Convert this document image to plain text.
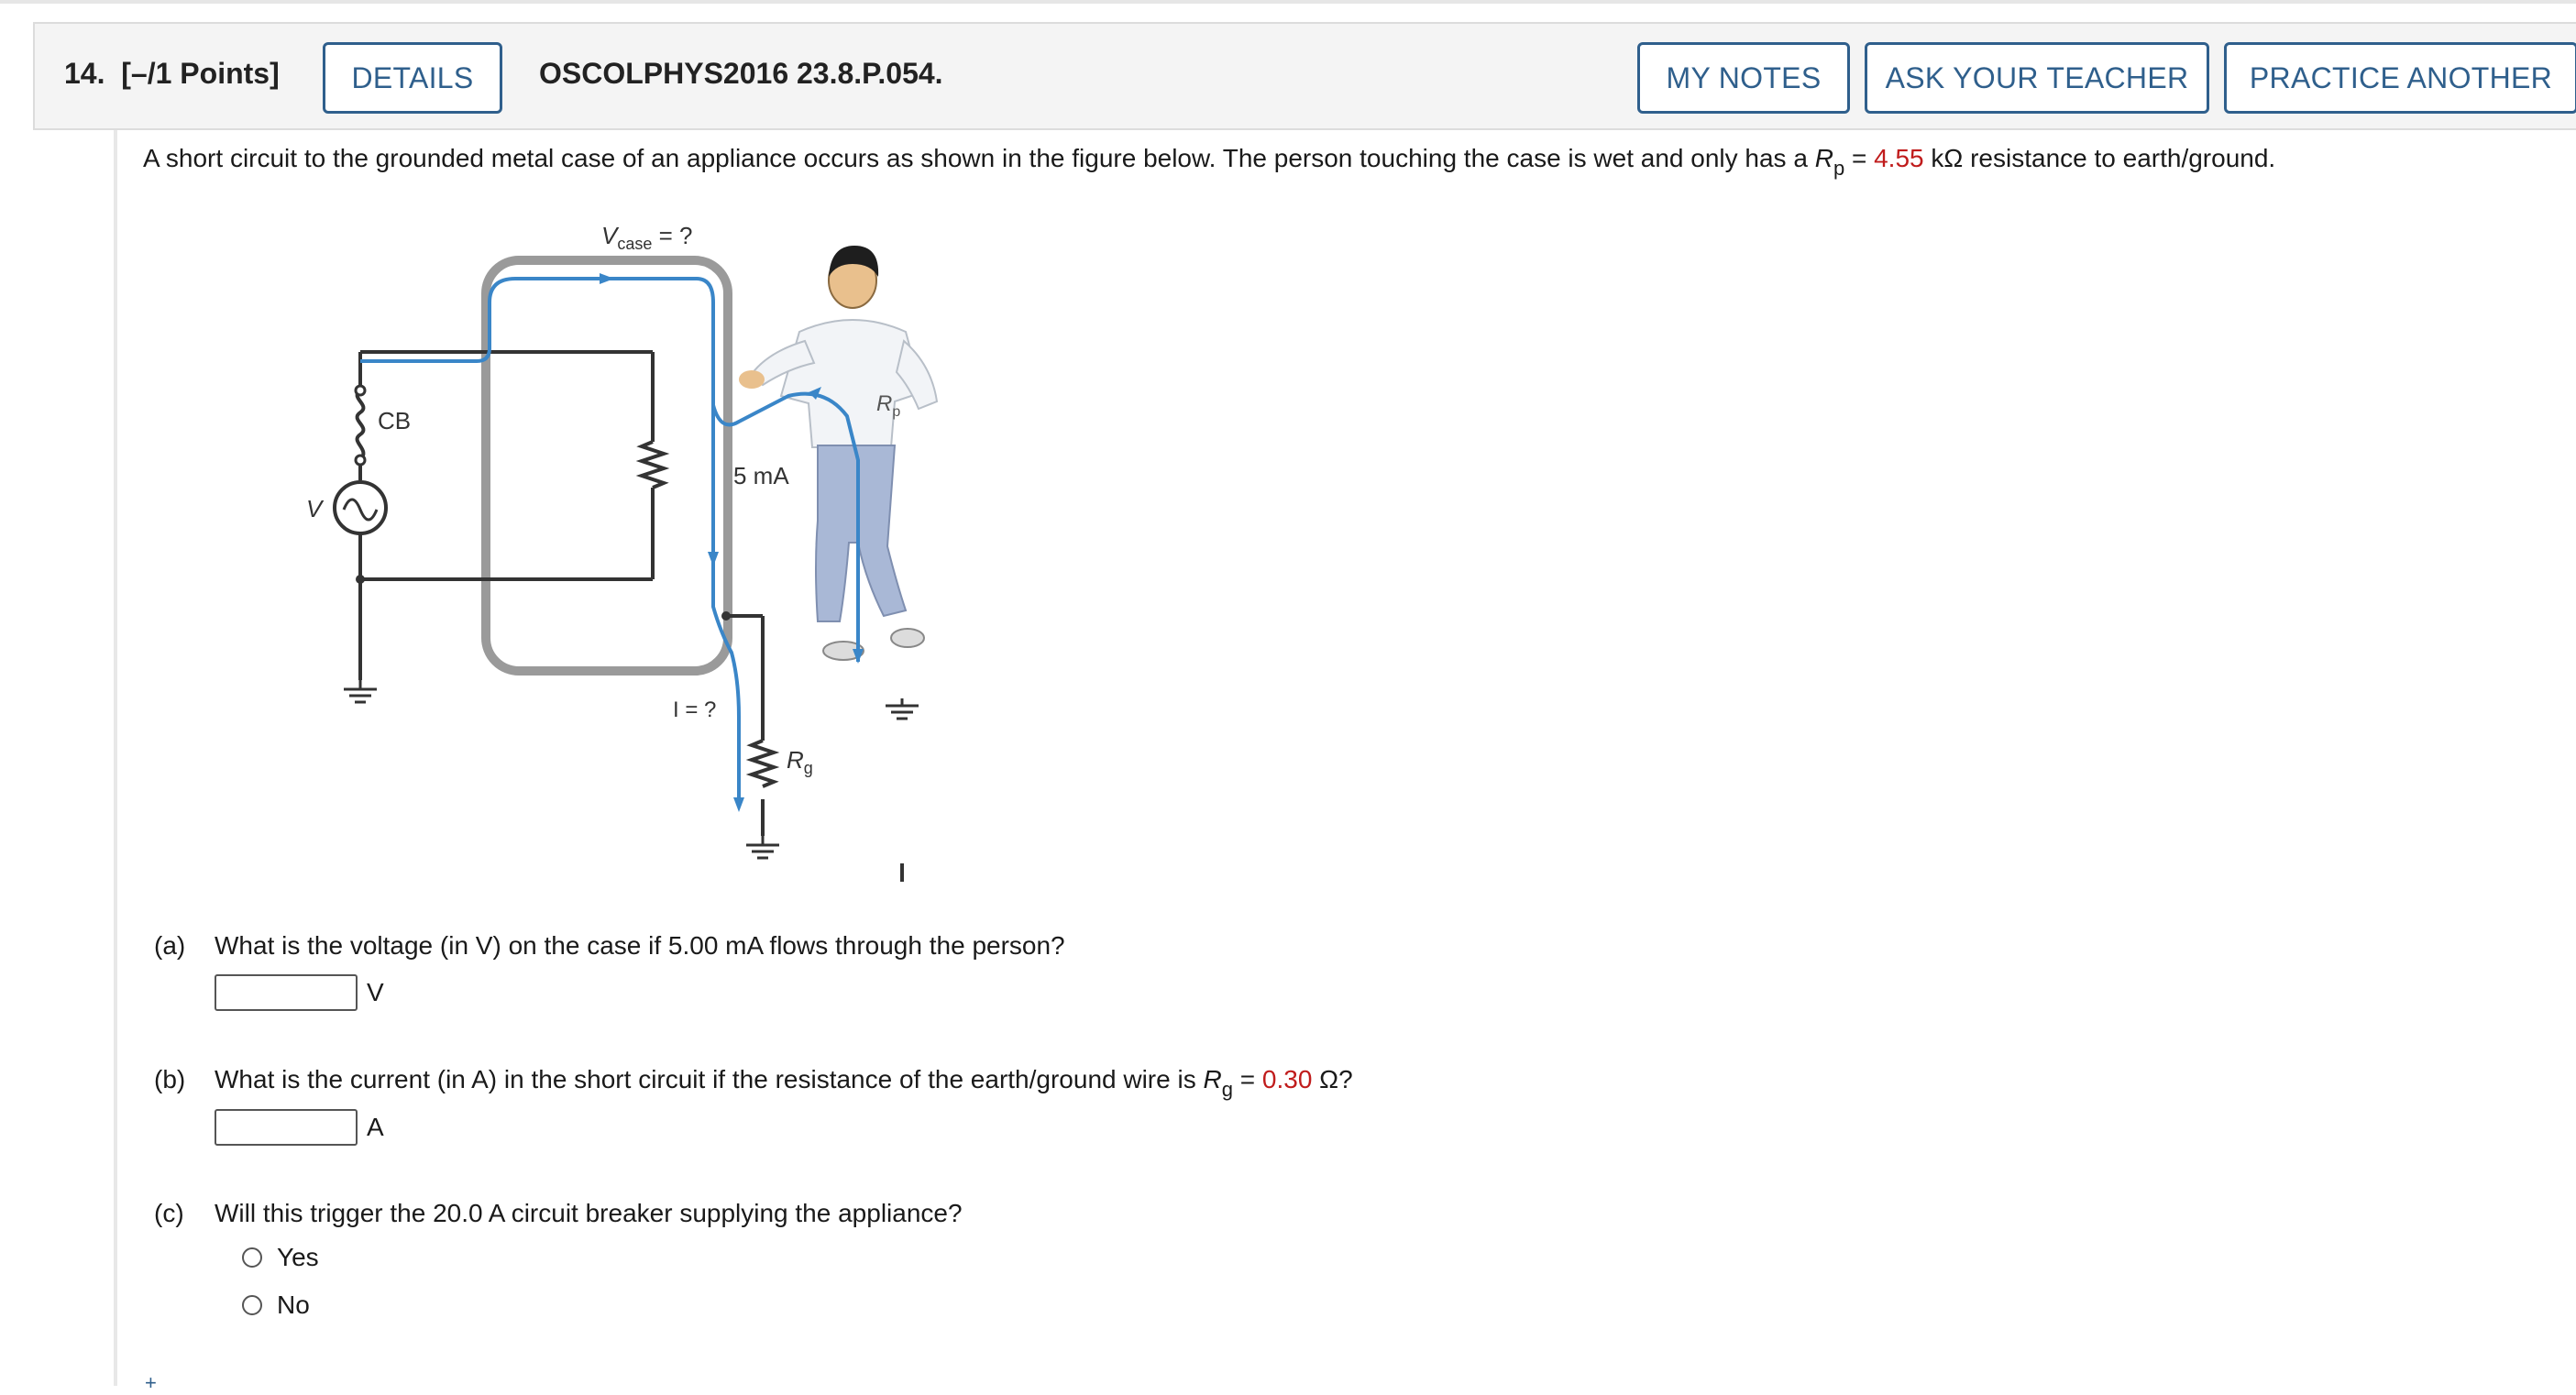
14. [–/1 Points]	DETAILS	OSCOLPHYS2016 23.8.P.054.	MY NOTES	ASK YOUR TEACHER	PRACTICE ANOTHER
A short circuit to the grounded metal case of an appliance occurs as shown in the figure below. The person touching the case is wet and only has a $R_p = 4.55$ kΩ resistance to earth/ground.
CB
V
$V_{case}$ = ?
5 mA
I = ?
$R_g$
$R_p$
(a) What is the voltage (in V) on the case if 5.00 mA flows through the person?
V
(b) What is the current (in A) in the short circuit if the resistance of the earth/ground wire is $R_g = 0.30$ Ω?
A
(c) Will this trigger the 20.0 A circuit breaker supplying the appliance?
Yes
No
+
